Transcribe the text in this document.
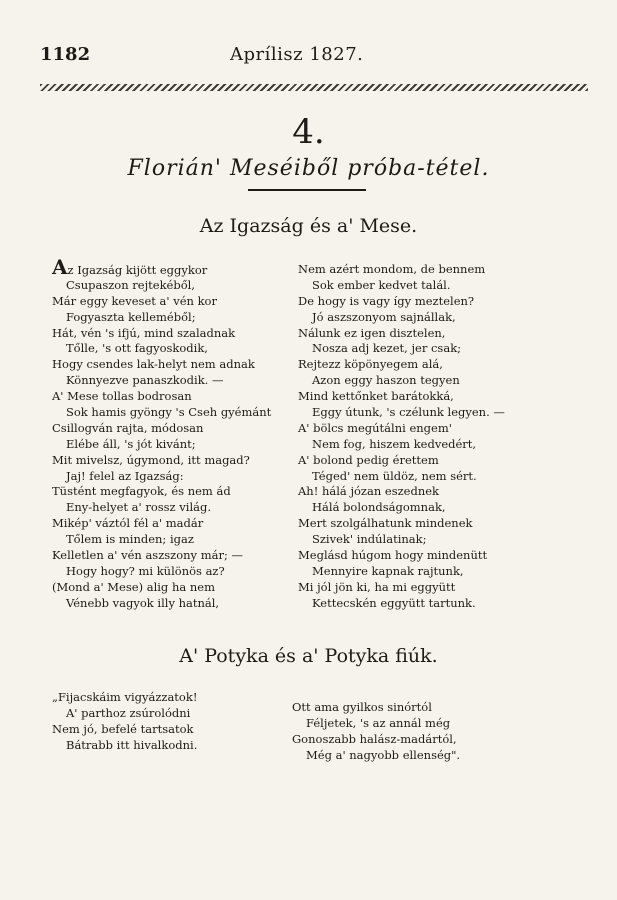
1182	Aprílisz 1827.
4.
Florián' Meséiből próba-tétel.
Az Igazság és a' Mese.
Az Igazság kijött eggykor
Csupaszon rejtekéből,
Már eggy keveset a' vén kor
Fogyaszta kelleméből;
Hát, vén 's ifjú, mind szaladnak
Tőlle, 's ott fagyoskodik,
Hogy csendes lak-helyt nem adnak
Könnyezve panaszkodik. —
A' Mese tollas bodrosan
Sok hamis gyöngy 's Cseh gyémánt
Csillogván rajta, módosan
Elébe áll, 's jót kivánt;
Mit mivelsz, úgymond, itt magad?
Jaj! felel az Igazság:
Tüstént megfagyok, és nem ád
Eny-helyet a' rossz világ.
Mikép' váztól fél a' madár
Tőlem is minden; igaz
Kelletlen a' vén aszszony már; —
Hogy hogy? mi különös az?
(Mond a' Mese) alig ha nem
Vénebb vagyok illy hatnál,
Nem azért mondom, de bennem
Sok ember kedvet talál.
De hogy is vagy így meztelen?
Jó aszszonyom sajnállak,
Nálunk ez igen disztelen,
Nosza adj kezet, jer csak;
Rejtezz köpönyegem alá,
Azon eggy haszon tegyen
Mind kettőnket barátokká,
Eggy útunk, 's czélunk legyen. —
A' bölcs megútálni engem'
Nem fog, hiszem kedvedért,
A' bolond pedig érettem
Téged' nem üldöz, nem sért.
Ah! hálá józan eszednek
Hálá bolondságomnak,
Mert szolgálhatunk mindenek
Szivek' indúlatinak;
Meglásd húgom hogy mindenütt
Mennyire kapnak rajtunk,
Mi jól jön ki, ha mi eggyütt
Kettecskén eggyütt tartunk.
A' Potyka és a' Potyka fiúk.
„Fijacskáim vigyázzatok!
A' parthoz zsúrolódni
Nem jó, befelé tartsatok
Bátrabb itt hivalkodni.
Ott ama gyilkos sinórtól
Féljetek, 's az annál még
Gonoszabb halász-madártól,
Még a' nagyobb ellenség".
